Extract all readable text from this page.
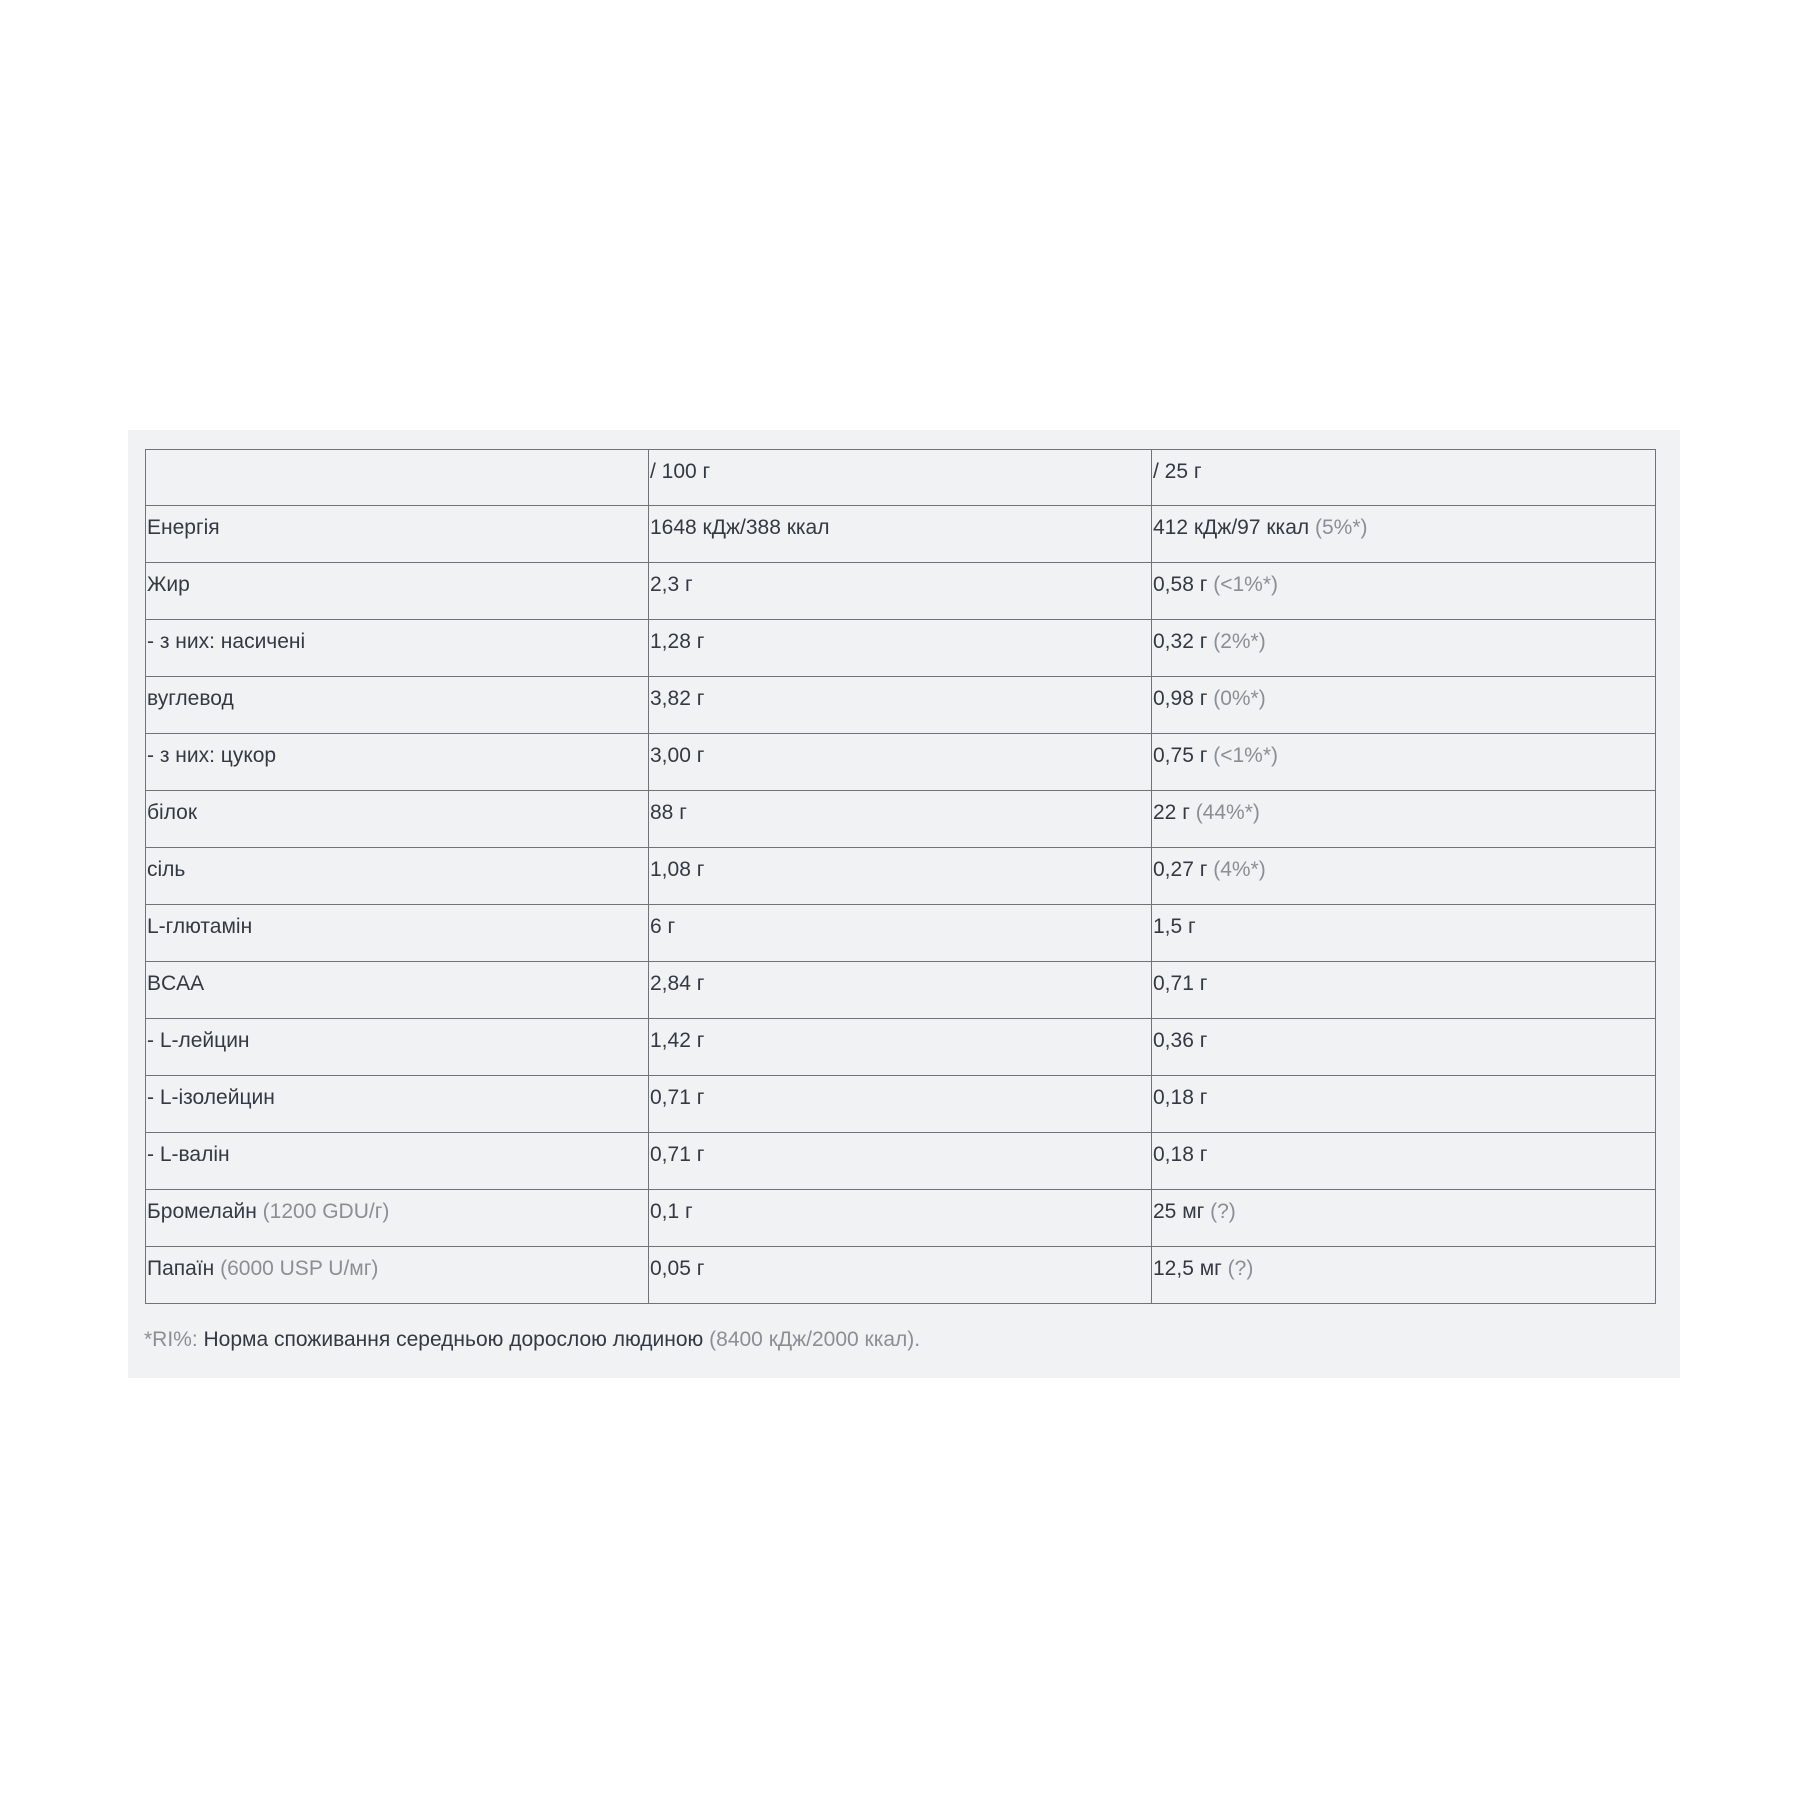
	/ 100 г	/ 25 г
Енергія	1648 кДж/388 ккал	412 кДж/97 ккал (5%*)
Жир	2,3 г	0,58 г (<1%*)
- з них: насичені	1,28 г	0,32 г (2%*)
вуглевод	3,82 г	0,98 г (0%*)
- з них: цукор	3,00 г	0,75 г (<1%*)
білок	88 г	22 г (44%*)
сіль	1,08 г	0,27 г (4%*)
L-глютамін	6 г	1,5 г
BCAA	2,84 г	0,71 г
- L-лейцин	1,42 г	0,36 г
- L-ізолейцин	0,71 г	0,18 г
- L-валін	0,71 г	0,18 г
Бромелайн (1200 GDU/г)	0,1 г	25 мг (?)
Папаїн (6000 USP U/мг)	0,05 г	12,5 мг (?)
*RI%: Норма споживання середньою дорослою людиною (8400 кДж/2000 ккал).
